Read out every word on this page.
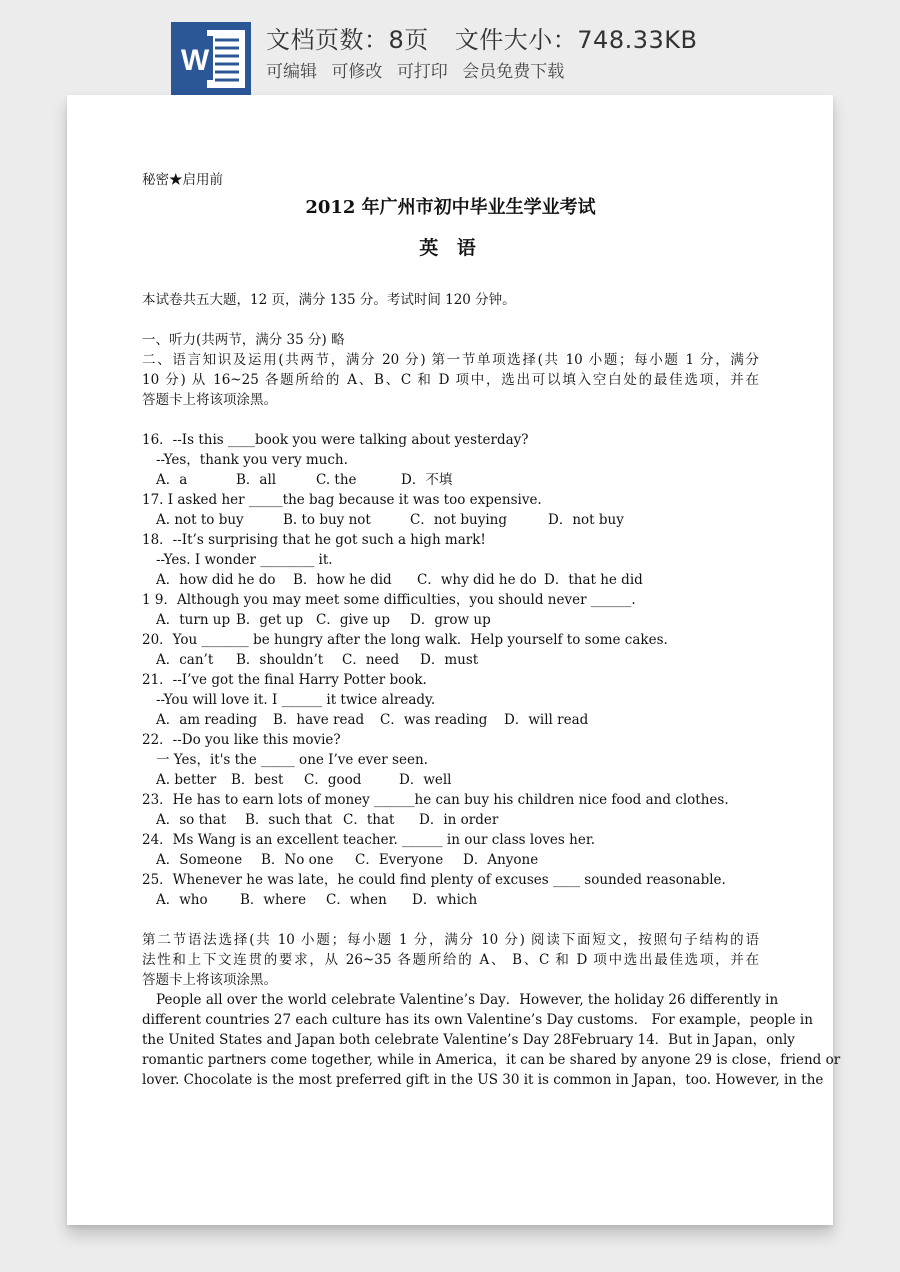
W
文档页数：8页 文件大小：748.33KB
可编辑 可修改 可打印 会员免费下载
秘密★启用前
2012 年广州市初中毕业生学业考试
英 语
本试卷共五大题，12 页，满分 135 分。考试时间 120 分钟。
一、听力(共两节，满分 35 分) 略
二、语言知识及运用(共两节，满分 20 分) 第一节单项选择(共 10 小题；每小题 1 分，满分
10 分) 从 16~25 各题所给的 A、B、C 和 D 项中，选出可以填入空白处的最佳选项，并在
答题卡上将该项涂黑。
16．--Is this ____book you were talking about yesterday?
--Yes，thank you very much.
A．a	B．all	C. the	D．不填
17. I asked her _____the bag because it was too expensive.
A. not to buy	B. to buy not	C．not buying	D．not buy
18．--It’s surprising that he got such a high mark!
--Yes. I wonder ________ it.
A．how did he do B．how he did C．why did he do D．that he did
1 9．Although you may meet some difficulties，you should never ______.
A．turn up B．get up C．give up D．grow up
20．You _______ be hungry after the long walk．Help yourself to some cakes.
A．can’t B．shouldn’t C．need D．must
21．--I’ve got the final Harry Potter book.
--You will love it. I ______ it twice already.
A．am reading B．have read C．was reading D．will read
22．--Do you like this movie?
一 Yes，it's the _____ one I’ve ever seen.
A. better B．best C．good	D．well
23．He has to earn lots of money ______he can buy his children nice food and clothes.
A．so that B．such that C．that D．in order
24．Ms Wang is an excellent teacher. ______ in our class loves her.
A．Someone B．No one C．Everyone D．Anyone
25．Whenever he was late，he could find plenty of excuses ____ sounded reasonable.
A．who B．where C．when D．which
第二节语法选择(共 10 小题；每小题 1 分，满分 10 分) 阅读下面短文，按照句子结构的语
法性和上下文连贯的要求，从 26~35 各题所给的 A、 B、C 和 D 项中选出最佳选项，并在
答题卡上将该项涂黑。
People all over the world celebrate Valentine’s Day．However, the holiday 26 differently in
different countries 27 each culture has its own Valentine’s Day customs． For example，people in
the United States and Japan both celebrate Valentine’s Day 28February 14．But in Japan，only
romantic partners come together, while in America，it can be shared by anyone 29 is close，friend or
lover. Chocolate is the most preferred gift in the US 30 it is common in Japan，too. However, in the
